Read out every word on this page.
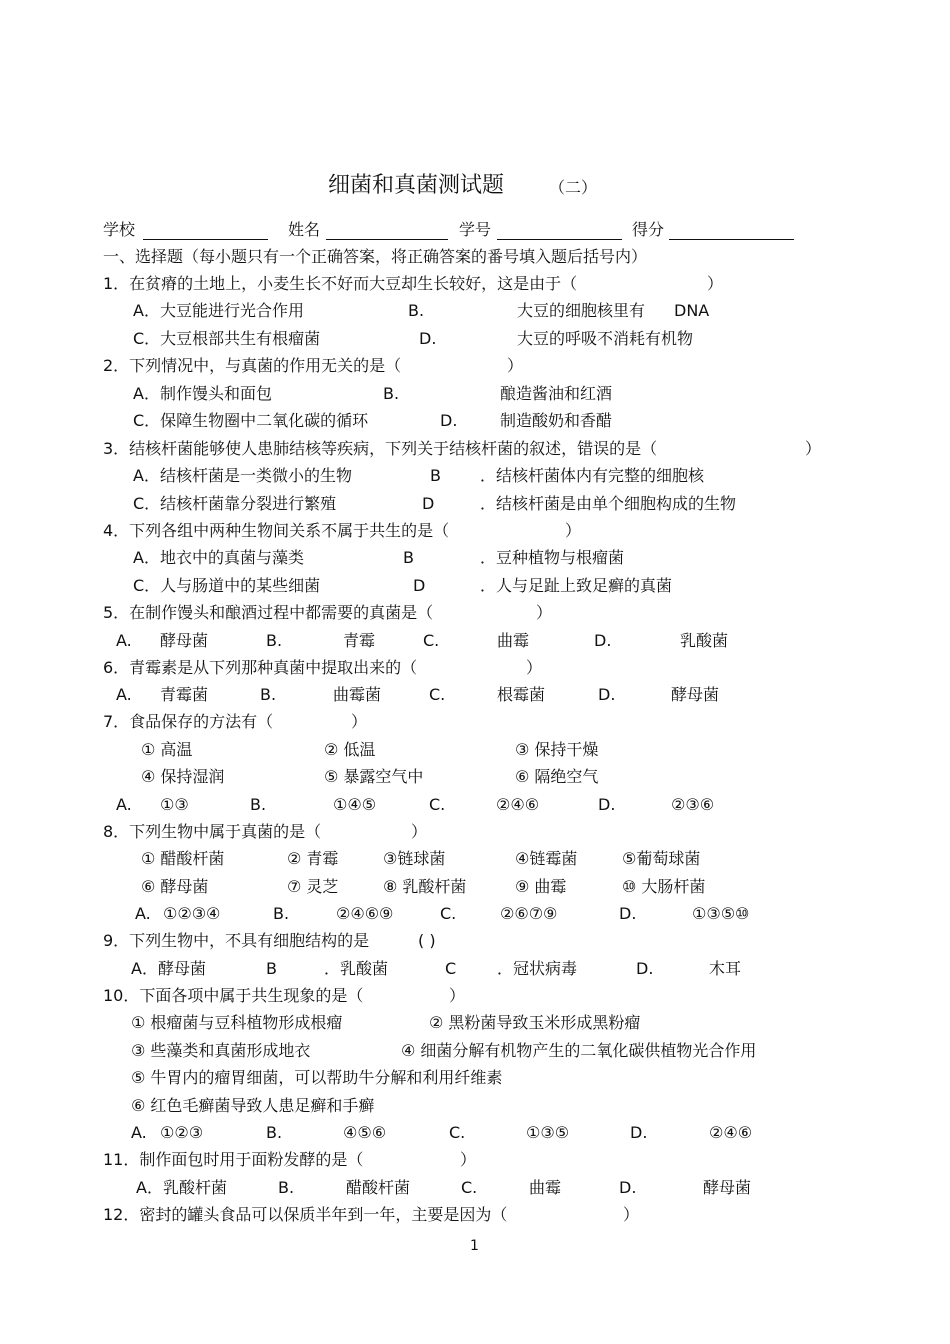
细菌和真菌测试题	（二）
学校	姓名	学号	得分
一、选择题（每小题只有一个正确答案，将正确答案的番号填入题后括号内）
1．在贫瘠的土地上，小麦生长不好而大豆却生长较好，这是由于（	）
A．大豆能进行光合作用	B.	大豆的细胞核里有 DNA
C．大豆根部共生有根瘤菌	D.	大豆的呼吸不消耗有机物
2．下列情况中，与真菌的作用无关的是（	）
A．制作馒头和面包	B.	酿造酱油和红酒
C．保障生物圈中二氧化碳的循环	D.	制造酸奶和香醋
3．结核杆菌能够使人患肺结核等疾病，下列关于结核杆菌的叙述，错误的是（	）
A．结核杆菌是一类微小的生物	B ．结核杆菌体内有完整的细胞核
C．结核杆菌靠分裂进行繁殖	D	．结核杆菌是由单个细胞构成的生物
4．下列各组中两种生物间关系不属于共生的是（	）
A．地衣中的真菌与藻类	B	．豆种植物与根瘤菌
C．人与肠道中的某些细菌	D	．人与足趾上致足癣的真菌
5．在制作馒头和酿酒过程中都需要的真菌是（	）
A. 酵母菌	B.	青霉	C.	曲霉	D.	乳酸菌
6．青霉素是从下列那种真菌中提取出来的（	）
A. 青霉菌	B.	曲霉菌	C.	根霉菌	D.	酵母菌
7．食品保存的方法有（	）
① 高温	② 低温	③ 保持干燥
④ 保持湿润	⑤ 暴露空气中	⑥ 隔绝空气
A. ①③	B.	①④⑤	C.	②④⑥	D.	②③⑥
8．下列生物中属于真菌的是（	）
① 醋酸杆菌	② 青霉	③链球菌	④链霉菌	⑤葡萄球菌
⑥ 酵母菌	⑦ 灵芝	⑧ 乳酸杆菌	⑨ 曲霉	⑩ 大肠杆菌
A. ①②③④	B.	②④⑥⑨	C.	②⑥⑦⑨	D.	①③⑤⑩
9．下列生物中，不具有细胞结构的是	( )
A．酵母菌	B	．乳酸菌	C	．冠状病毒	D.	木耳
10．下面各项中属于共生现象的是（	）
① 根瘤菌与豆科植物形成根瘤	② 黑粉菌导致玉米形成黑粉瘤
③ 些藻类和真菌形成地衣	④ 细菌分解有机物产生的二氧化碳供植物光合作用
⑤ 牛胃内的瘤胃细菌，可以帮助牛分解和利用纤维素
⑥ 红色毛癣菌导致人患足癣和手癣
A. ①②③	B.	④⑤⑥	C.	①③⑤	D.	②④⑥
11．制作面包时用于面粉发酵的是（	）
A．乳酸杆菌	B.	醋酸杆菌	C.	曲霉	D.	酵母菌
12．密封的罐头食品可以保质半年到一年，主要是因为（	）
1
